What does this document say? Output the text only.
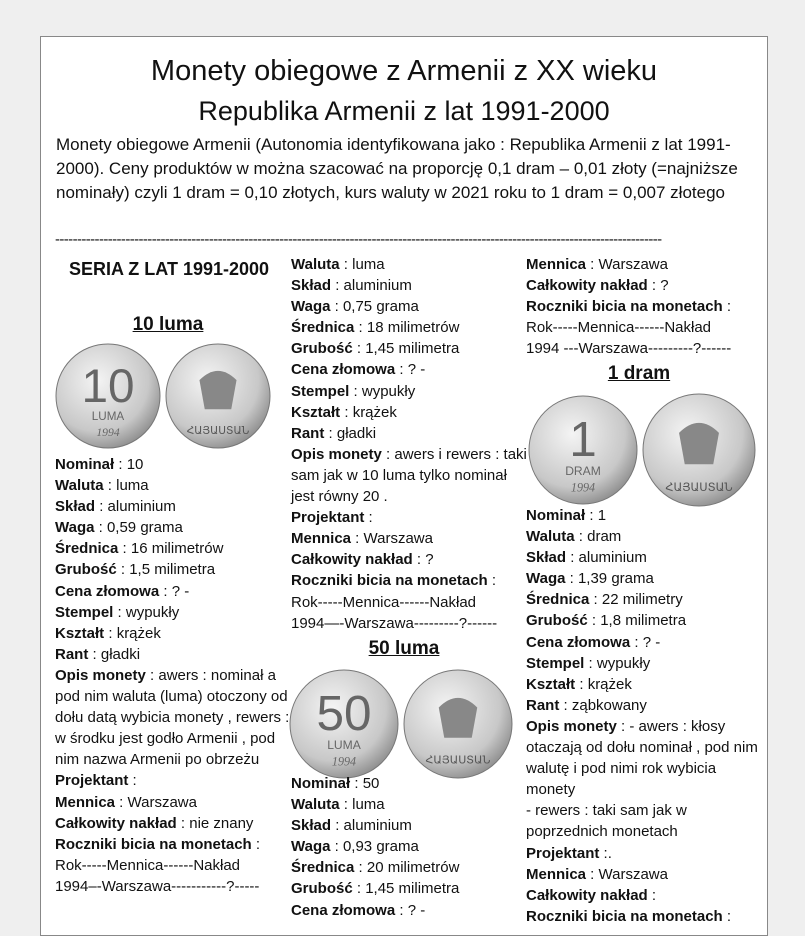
Monety obiegowe z Armenii z XX wieku
Republika Armenii z lat 1991-2000
Monety obiegowe Armenii (Autonomia identyfikowana jako : Republika Armenii z lat 1991-2000). Ceny produktów w można szacować na proporcję 0,1 dram – 0,01 złoty (=najniższe nominały) czyli 1 dram = 0,10 złotych, kurs waluty w 2021 roku to 1 dram = 0,007 złotego
------------------------------------------------------------------------------------------------------------------------------------------
SERIA Z LAT 1991-2000
10 luma
10
LUMA
1994	ՀԱՅԱՍՏԱՆ
Nominał : 10
Waluta : luma
Skład : aluminium
Waga : 0,59 grama
Średnica : 16 milimetrów
Grubość : 1,5 milimetra
Cena złomowa : ? -
Stempel : wypukły
Kształt : krążek
Rant : gładki
Opis monety : awers : nominał a pod nim waluta (luma) otoczony od dołu datą wybicia monety , rewers : w środku jest godło Armenii , pod nim nazwa Armenii po obrzeżu
Projektant :
Mennica : Warszawa
Całkowity nakład : nie znany
Roczniki bicia na monetach :
Rok-----Mennica------Nakład
1994–-Warszawa-----------?-----
Waluta : luma
Skład : aluminium
Waga : 0,75 grama
Średnica : 18 milimetrów
Grubość : 1,45 milimetra
Cena złomowa : ? -
Stempel : wypukły
Kształt : krążek
Rant : gładki
Opis monety : awers i rewers : taki sam jak w 10 luma tylko nominał jest równy 20 .
Projektant :
Mennica : Warszawa
Całkowity nakład : ?
Roczniki bicia na monetach :
Rok-----Mennica------Nakład
1994—-Warszawa---------?------
50 luma
50
LUMA
1994	ՀԱՅԱՍՏԱՆ
Nominał : 50
Waluta : luma
Skład : aluminium
Waga : 0,93 grama
Średnica : 20 milimetrów
Grubość : 1,45 milimetra
Cena złomowa : ? -
Mennica : Warszawa
Całkowity nakład : ?
Roczniki bicia na monetach :
Rok-----Mennica------Nakład
1994 ---Warszawa---------?------
1 dram
1
DRAM
1994	ՀԱՅԱՍՏԱՆ
Nominał : 1
Waluta : dram
Skład : aluminium
Waga : 1,39 grama
Średnica : 22 milimetry
Grubość : 1,8 milimetra
Cena złomowa : ? -
Stempel : wypukły
Kształt : krążek
Rant : ząbkowany
Opis monety : - awers : kłosy otaczają od dołu nominał , pod nim walutę i pod nimi rok wybicia monety
- rewers : taki sam jak w poprzednich monetach
Projektant :.
Mennica : Warszawa
Całkowity nakład :
Roczniki bicia na monetach :
